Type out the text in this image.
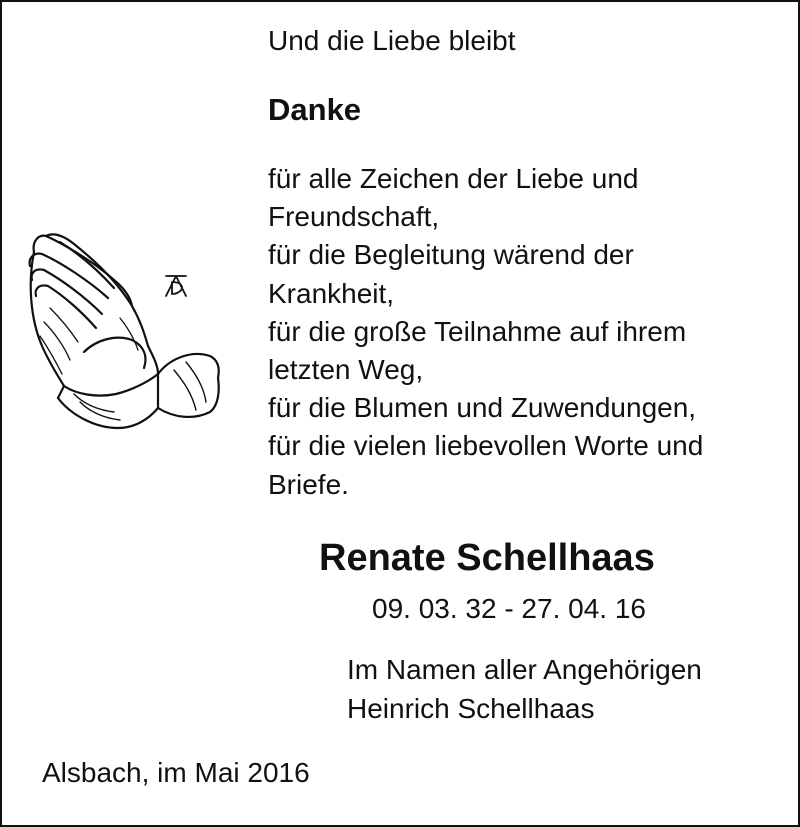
Und die Liebe bleibt
Danke
für alle Zeichen der Liebe und
Freundschaft,
für die Begleitung wärend der
Krankheit,
für die große Teilnahme auf ihrem
letzten Weg,
für die Blumen und Zuwendungen,
für die vielen liebevollen Worte und
Briefe.
Renate Schellhaas
09. 03. 32 - 27. 04. 16
Im Namen aller Angehörigen
Heinrich Schellhaas
Alsbach, im Mai 2016
